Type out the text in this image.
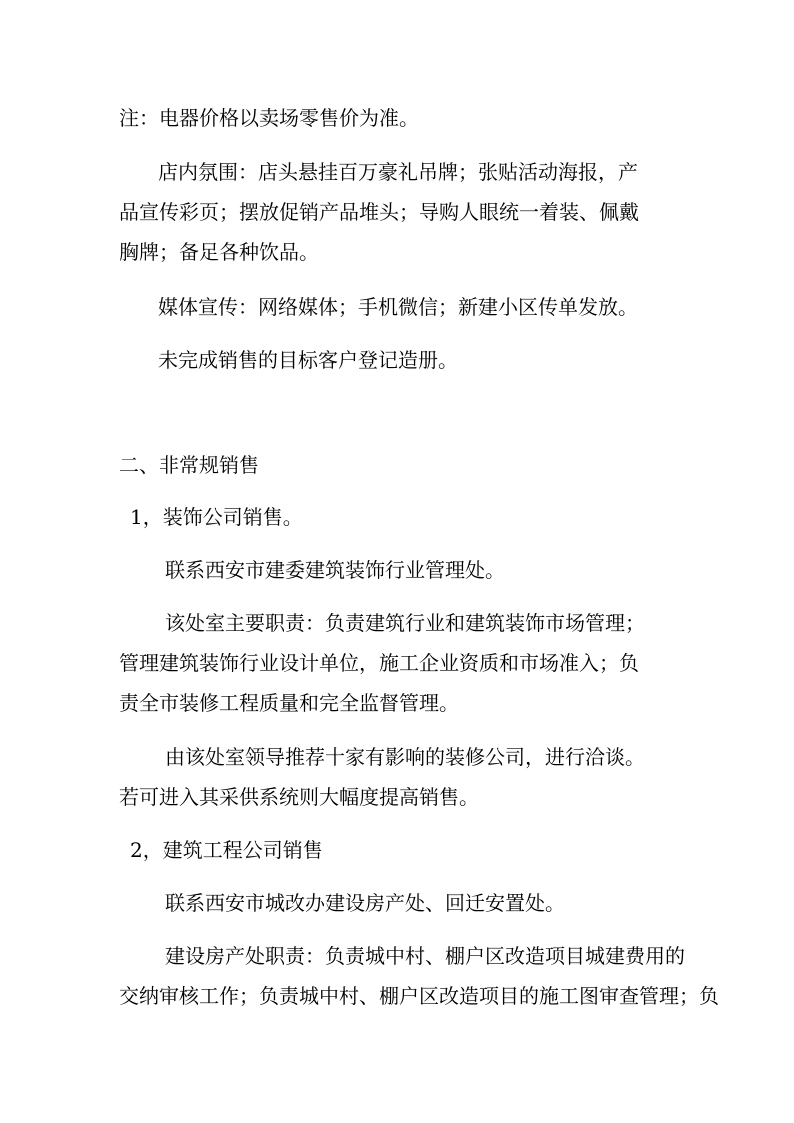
注：电器价格以卖场零售价为准。
店内氛围：店头悬挂百万豪礼吊牌；张贴活动海报，产
品宣传彩页；摆放促销产品堆头；导购人眼统一着装、佩戴
胸牌；备足各种饮品。
媒体宣传：网络媒体；手机微信；新建小区传单发放。
未完成销售的目标客户登记造册。
二、非常规销售
1，装饰公司销售。
联系西安市建委建筑装饰行业管理处。
该处室主要职责：负责建筑行业和建筑装饰市场管理；
管理建筑装饰行业设计单位，施工企业资质和市场准入；负
责全市装修工程质量和完全监督管理。
由该处室领导推荐十家有影响的装修公司，进行洽谈。
若可进入其采供系统则大幅度提高销售。
2，建筑工程公司销售
联系西安市城改办建设房产处、回迁安置处。
建设房产处职责：负责城中村、棚户区改造项目城建费用的
交纳审核工作；负责城中村、棚户区改造项目的施工图审查管理；负
